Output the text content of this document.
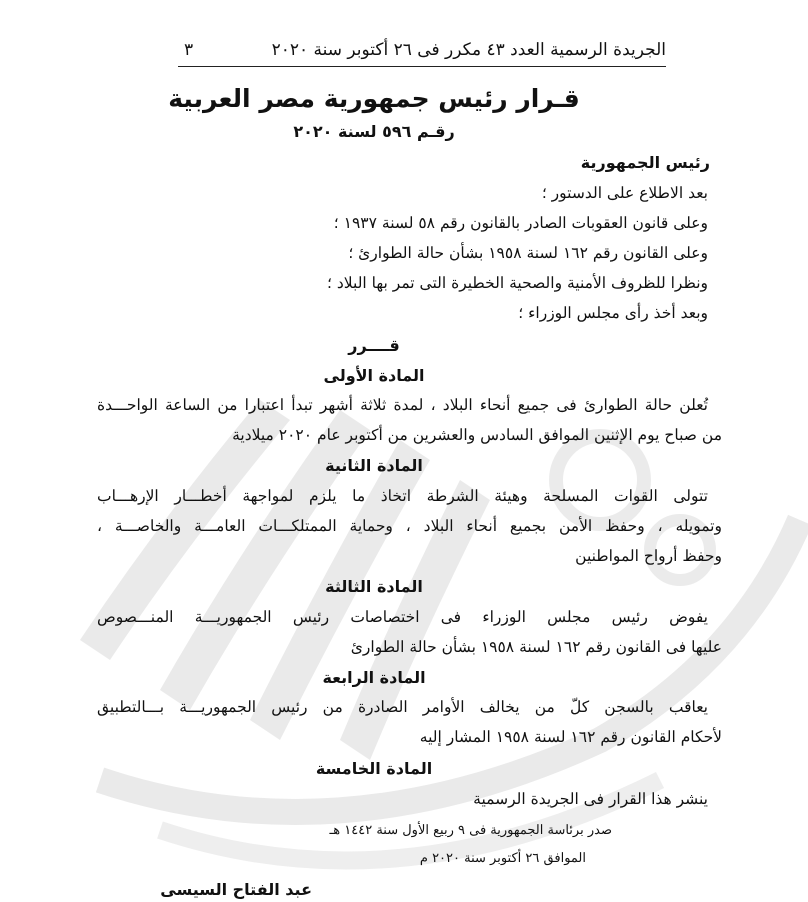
الجريدة الرسمية العدد ٤٣ مكرر فى ٢٦ أكتوبر سنة ٢٠٢٠
٣
قـرار رئيس جمهورية مصر العربية
رقـم ٥٩٦ لسنة ٢٠٢٠
رئيس الجمهورية
بعد الاطلاع على الدستور ؛
وعلى قانون العقوبات الصادر بالقانون رقم ٥٨ لسنة ١٩٣٧ ؛
وعلى القانون رقم ١٦٢ لسنة ١٩٥٨ بشأن حالة الطوارئ ؛
ونظرا للظروف الأمنية والصحية الخطيرة التى تمر بها البلاد ؛
وبعد أخذ رأى مجلس الوزراء ؛
قــــرر
المادة الأولى
تُعلن حالة الطوارئ فى جميع أنحاء البلاد ، لمدة ثلاثة أشهر تبدأ اعتبارا من الساعة الواحـــدة
من صباح يوم الإثنين الموافق السادس والعشرين من أكتوبر عام ٢٠٢٠ ميلادية
المادة الثانية
تتولى القوات المسلحة وهيئة الشرطة اتخاذ ما يلزم لمواجهة أخطـــار الإرهـــاب
وتمويله ، وحفظ الأمن بجميع أنحاء البلاد ، وحماية الممتلكـــات العامـــة والخاصـــة ،
وحفظ أرواح المواطنين
المادة الثالثة
يفوض رئيس مجلس الوزراء فى اختصاصات رئيس الجمهوريـــة المنـــصوص
عليها فى القانون رقم ١٦٢ لسنة ١٩٥٨ بشأن حالة الطوارئ
المادة الرابعة
يعاقب بالسجن كلّ من يخالف الأوامر الصادرة من رئيس الجمهوريـــة بـــالتطبيق
لأحكام القانون رقم ١٦٢ لسنة ١٩٥٨ المشار إليه
المادة الخامسة
ينشر هذا القرار فى الجريدة الرسمية
صدر برئاسة الجمهورية فى ٩ ربيع الأول سنة ١٤٤٢ هـ
الموافق ٢٦ أكتوبر سنة ٢٠٢٠ م
عبد الفتاح السيسى
